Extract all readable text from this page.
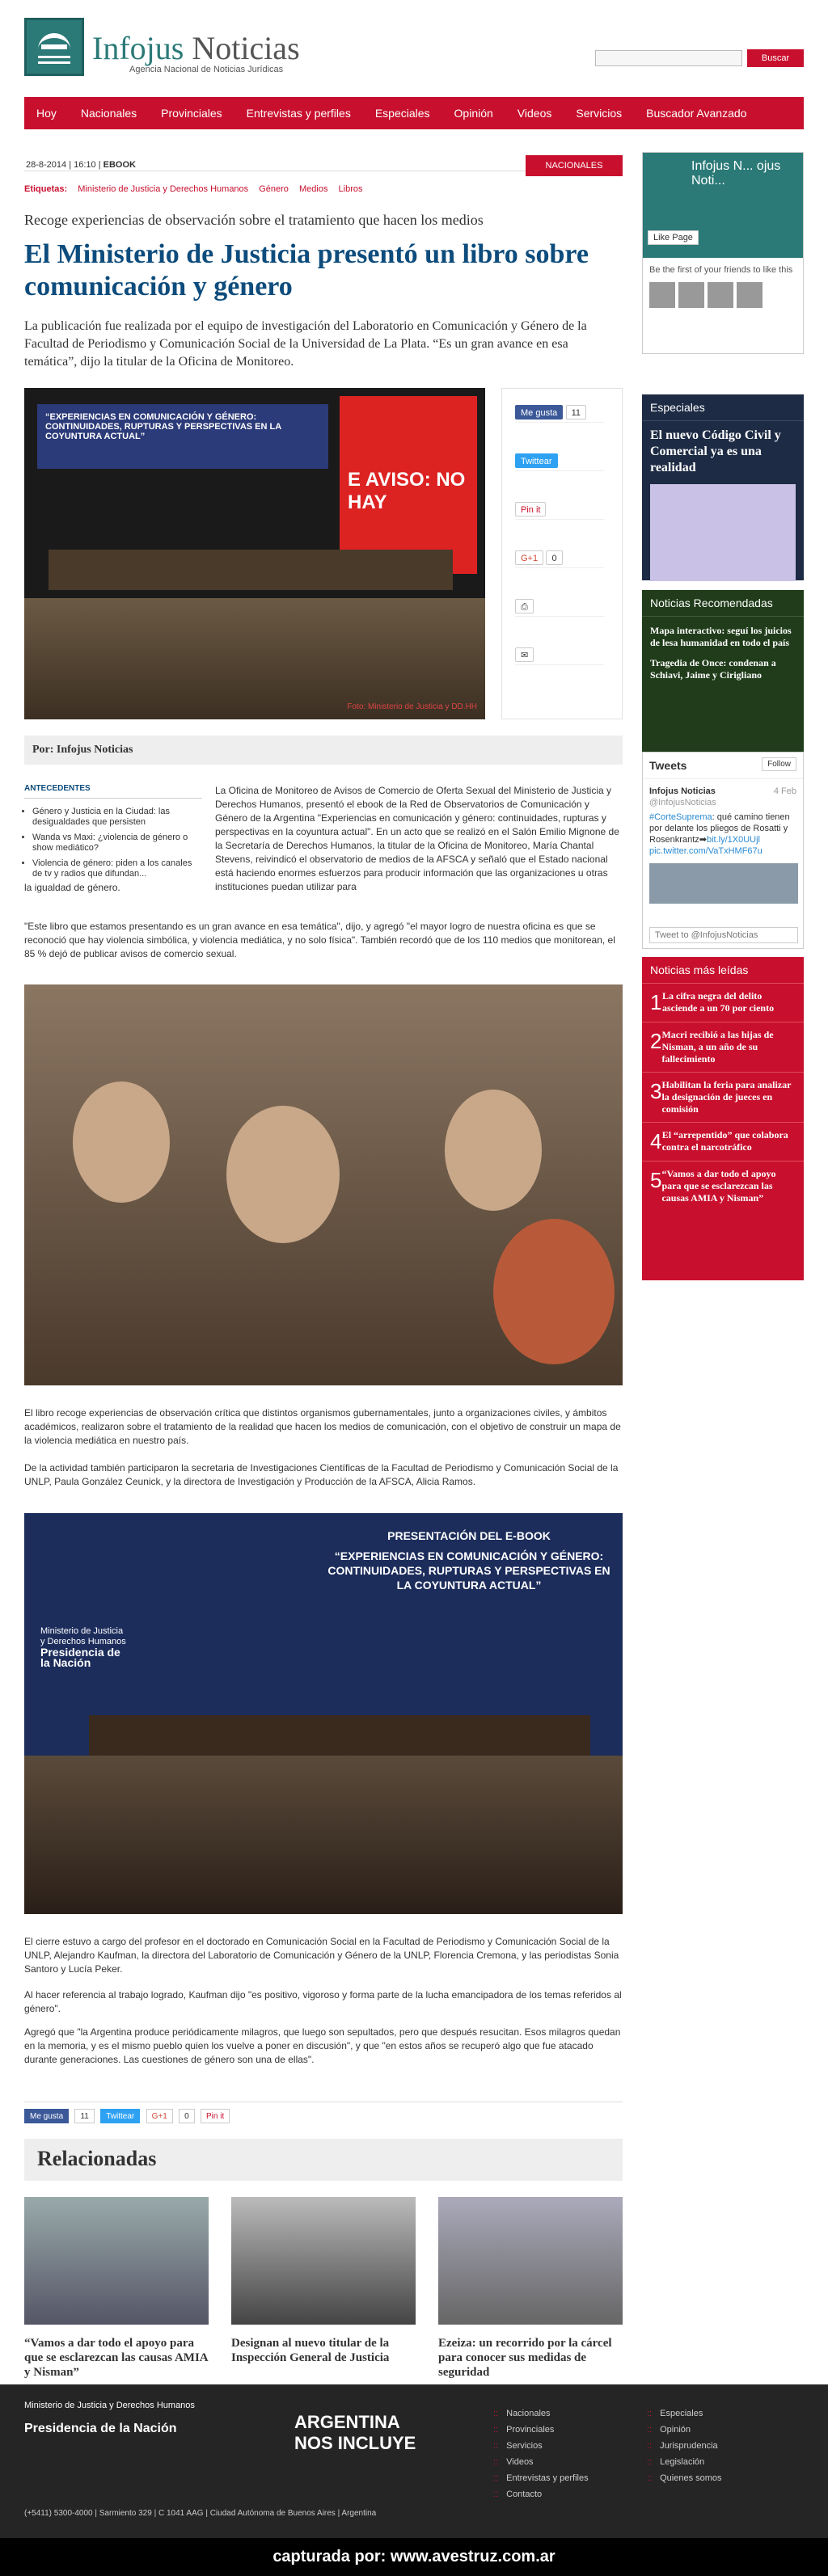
Infojus Noticias
Agencia Nacional de Noticias Jurídicas
Buscar
Hoy	Nacionales	Provinciales	Entrevistas y perfiles	Especiales	Opinión	Videos	Servicios	Buscador Avanzado
28-8-2014 | 16:10 | EBOOK	NACIONALES
Etiquetas: Ministerio de Justicia y Derechos Humanos Género Medios Libros
Recoge experiencias de observación sobre el tratamiento que hacen los medios
El Ministerio de Justicia presentó un libro sobre comunicación y género
La publicación fue realizada por el equipo de investigación del Laboratorio en Comunicación y Género de la Facultad de Periodismo y Comunicación Social de la Universidad de La Plata. “Es un gran avance en esa temática”, dijo la titular de la Oficina de Monitoreo.
“EXPERIENCIAS EN COMUNICACIÓN Y GÉNERO: CONTINUIDADES, RUPTURAS Y PERSPECTIVAS EN LA COYUNTURA ACTUAL”
E AVISO: NO HAY
Foto: Ministerio de Justicia y DD.HH
Me gusta 11
Twittear
Pin it
G+1 0
⎙
✉
Por: Infojus Noticias
ANTECEDENTES
• Género y Justicia en la Ciudad: las desigualdades que persisten
• Wanda vs Maxi: ¿violencia de género o show mediático?
• Violencia de género: piden a los canales de tv y radios que difundan...
La Oficina de Monitoreo de Avisos de Comercio de Oferta Sexual del Ministerio de Justicia y Derechos Humanos, presentó el ebook de la Red de Observatorios de Comunicación y Género de la Argentina "Experiencias en comunicación y género: continuidades, rupturas y perspectivas en la coyuntura actual". En un acto que se realizó en el Salón Emilio Mignone de la Secretaría de Derechos Humanos, la titular de la Oficina de Monitoreo, María Chantal Stevens, reivindicó el observatorio de medios de la AFSCA y señaló que el Estado nacional está haciendo enormes esfuerzos para producir información que las organizaciones u otras instituciones puedan utilizar para
la igualdad de género.
"Este libro que estamos presentando es un gran avance en esa temática", dijo, y agregó "el mayor logro de nuestra oficina es que se reconoció que hay violencia simbólica, y violencia mediática, y no solo física". También recordó que de los 110 medios que monitorean, el 85 % dejó de publicar avisos de comercio sexual.
El libro recoge experiencias de observación crítica que distintos organismos gubernamentales, junto a organizaciones civiles, y ámbitos académicos, realizaron sobre el tratamiento de la realidad que hacen los medios de comunicación, con el objetivo de construir un mapa de la violencia mediática en nuestro país.
De la actividad también participaron la secretaria de Investigaciones Científicas de la Facultad de Periodismo y Comunicación Social de la UNLP, Paula González Ceunick, y la directora de Investigación y Producción de la AFSCA, Alicia Ramos.
PRESENTACIÓN DEL E-BOOK
“EXPERIENCIAS EN COMUNICACIÓN Y GÉNERO: CONTINUIDADES, RUPTURAS Y PERSPECTIVAS EN LA COYUNTURA ACTUAL”
Ministerio de Justicia y Derechos Humanos
Presidencia de la Nación
El cierre estuvo a cargo del profesor en el doctorado en Comunicación Social en la Facultad de Periodismo y Comunicación Social de la UNLP, Alejandro Kaufman, la directora del Laboratorio de Comunicación y Género de la UNLP, Florencia Cremona, y las periodistas Sonia Santoro y Lucía Peker.
Al hacer referencia al trabajo logrado, Kaufman dijo "es positivo, vigoroso y forma parte de la lucha emancipadora de los temas referidos al género".
Agregó que "la Argentina produce periódicamente milagros, que luego son sepultados, pero que después resucitan. Esos milagros quedan en la memoria, y es el mismo pueblo quien los vuelve a poner en discusión", y que "en estos años se recuperó algo que fue atacado durante generaciones. Las cuestiones de género son una de ellas".
Me gusta 11 Twittear G+1 0 Pin it
Relacionadas
“Vamos a dar todo el apoyo para que se esclarezcan las causas AMIA y Nisman”
Designan al nuevo titular de la Inspección General de Justicia
Ezeiza: un recorrido por la cárcel para conocer sus medidas de seguridad
Infojus N... ojus Noti...
Like Page
Be the first of your friends to like this
Especiales
El nuevo Código Civil y Comercial ya es una realidad
Noticias Recomendadas
Mapa interactivo: seguí los juicios de lesa humanidad en todo el país
Tragedia de Once: condenan a Schiavi, Jaime y Cirigliano
Tweets	Follow
Infojus Noticias	4 Feb
@InfojusNoticias
#CorteSuprema: qué camino tienen por delante los pliegos de Rosatti y Rosenkrantz➡bit.ly/1X0UUjl pic.twitter.com/VaTxHMF67u
Tweet to @InfojusNoticias
Noticias más leídas
1 La cifra negra del delito asciende a un 70 por ciento
2 Macri recibió a las hijas de Nisman, a un año de su fallecimiento
3 Habilitan la feria para analizar la designación de jueces en comisión
4 El “arrepentido” que colabora contra el narcotráfico
5 “Vamos a dar todo el apoyo para que se esclarezcan las causas AMIA y Nisman”
Ministerio de Justicia y Derechos Humanos
Presidencia de la Nación
(+5411) 5300-4000 | Sarmiento 329 | C 1041 AAG | Ciudad Autónoma de Buenos Aires | Argentina
ARGENTINA
NOS INCLUYE
:: Nacionales
:: Provinciales
:: Servicios
:: Videos
:: Entrevistas y perfiles
:: Contacto
:: Especiales
:: Opinión
:: Jurisprudencia
:: Legislación
:: Quienes somos
capturada por: www.avestruz.com.ar
